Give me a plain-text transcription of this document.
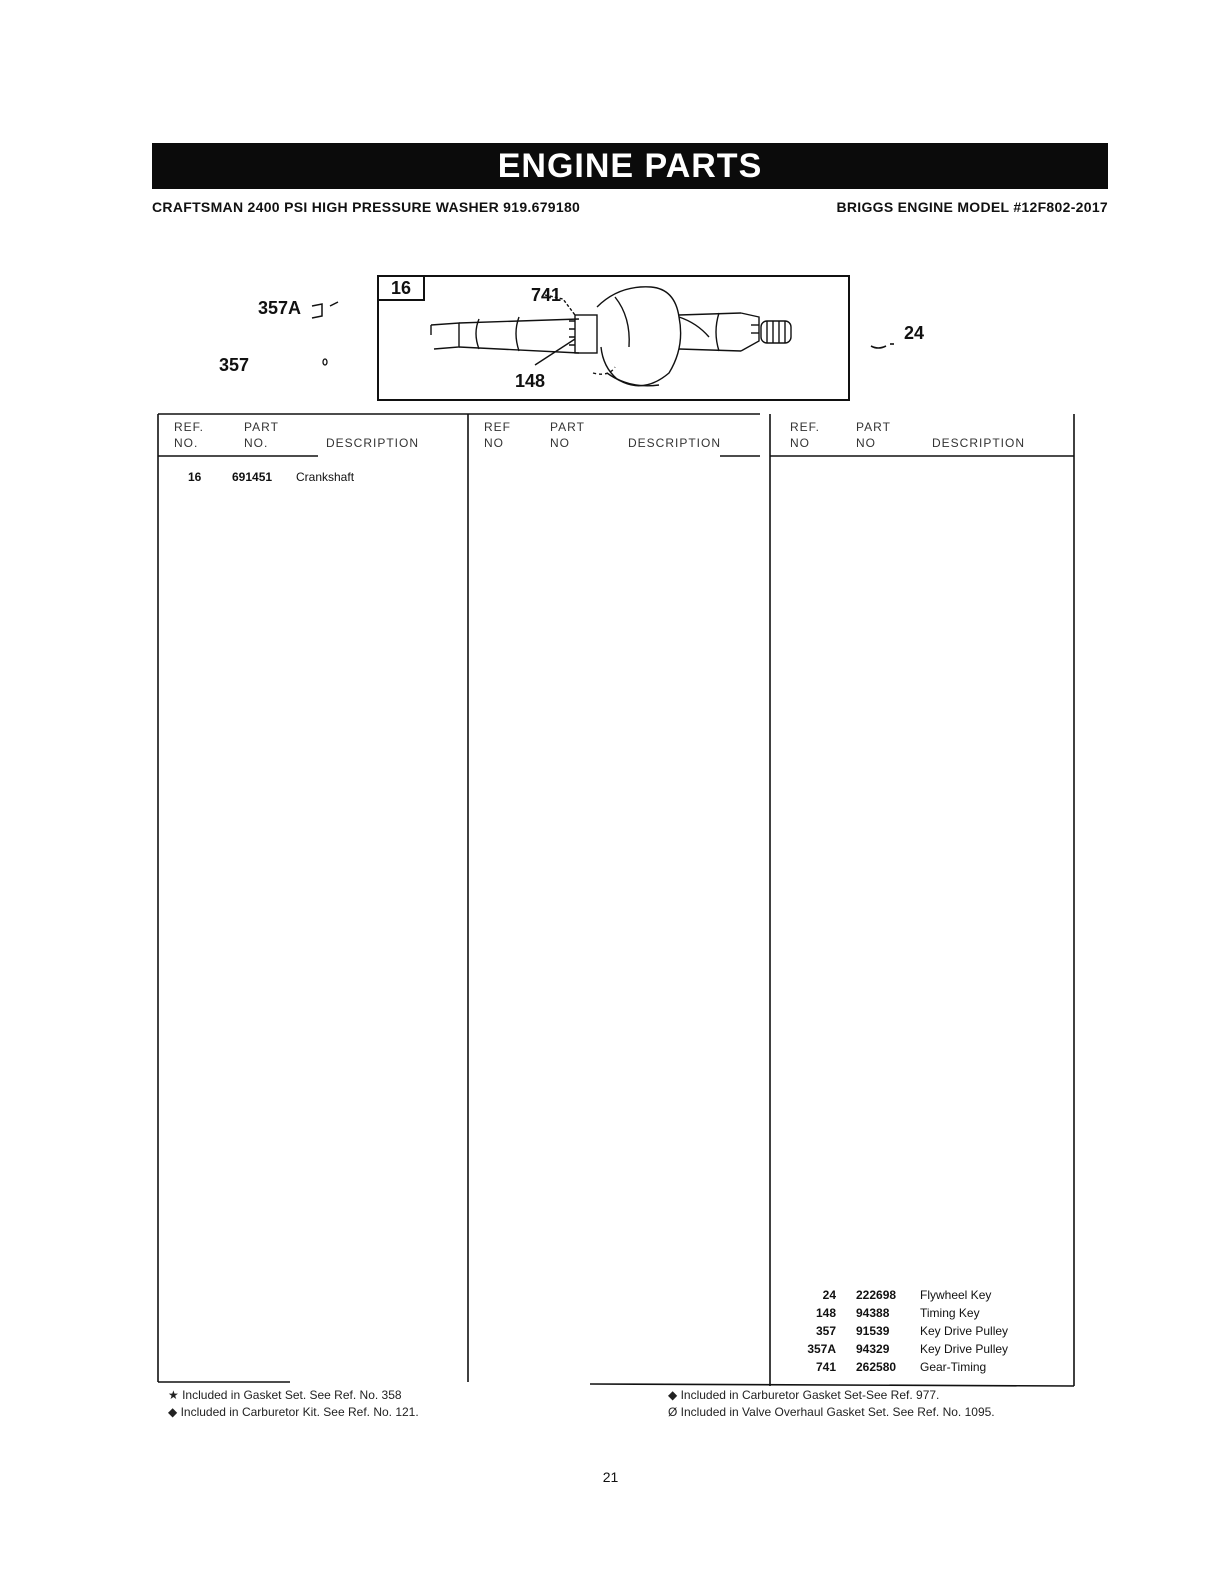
ENGINE PARTS
CRAFTSMAN 2400 PSI HIGH PRESSURE WASHER 919.679180	BRIGGS ENGINE MODEL #12F802-2017
357A
357
24
16	741
148
REF.
NO.
PART
NO.	DESCRIPTION
REF
NO
PART
NO	DESCRIPTION
REF.
NO
PART
NO	DESCRIPTION
16	691451 Crankshaft
24 222698 Flywheel Key
148 94388	Timing Key
357 91539	Key Drive Pulley
357A 94329	Key Drive Pulley
741 262580 Gear-Timing
★ Included in Gasket Set. See Ref. No. 358
◆ Included in Carburetor Kit. See Ref. No. 121.
◆ Included in Carburetor Gasket Set-See Ref. 977.
Ø Included in Valve Overhaul Gasket Set. See Ref. No. 1095.
21
